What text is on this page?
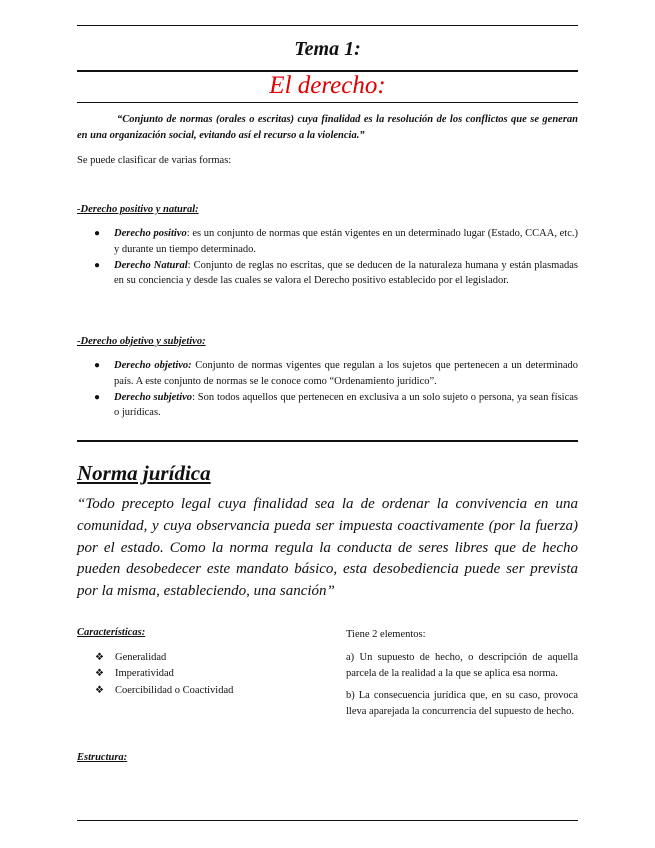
Tema 1:
El derecho:

“Conjunto de normas (orales o escritas) cuya finalidad es la resolución de los conflictos que se generan en una organización social, evitando así el recurso a la violencia.”

Se puede clasificar de varias formas:

-Derecho positivo y natural:

● Derecho positivo: es un conjunto de normas que están vigentes en un determinado lugar (Estado, CCAA, etc.) y durante un tiempo determinado.
● Derecho Natural: Conjunto de reglas no escritas, que se deducen de la naturaleza humana y están plasmadas en su conciencia y desde las cuales se valora el Derecho positivo establecido por el legislador.

-Derecho objetivo y subjetivo:

● Derecho objetivo: Conjunto de normas vigentes que regulan a los sujetos que pertenecen a un determinado país. A este conjunto de normas se le conoce como “Ordenamiento jurídico”.
● Derecho subjetivo: Son todos aquellos que pertenecen en exclusiva a un solo sujeto o persona, ya sean físicas o jurídicas.
Norma jurídica

“Todo precepto legal cuya finalidad sea la de ordenar la convivencia en una comunidad, y cuya observancia pueda ser impuesta coactivamente (por la fuerza) por el estado. Como la norma regula la conducta de seres libres que de hecho pueden desobedecer este mandato básico, esta desobediencia puede ser prevista por la misma, estableciendo, una sanción”

Características:

❖ Generalidad
❖ Imperatividad
❖ Coercibilidad o Coactividad

Tiene 2 elementos:

a) Un supuesto de hecho, o descripción de aquella parcela de la realidad a la que se aplica esa norma.

b) La consecuencia jurídica que, en su caso, provoca lleva aparejada la concurrencia del supuesto de hecho.

Estructura:
